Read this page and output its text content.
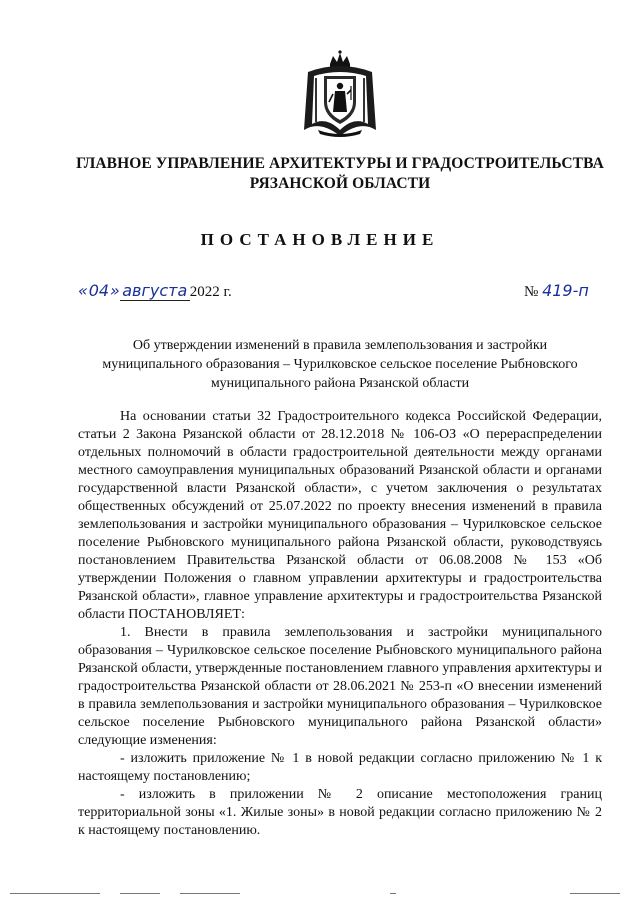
ГЛАВНОЕ УПРАВЛЕНИЕ АРХИТЕКТУРЫ И ГРАДОСТРОИТЕЛЬСТВА
РЯЗАНСКОЙ ОБЛАСТИ
ПОСТАНОВЛЕНИЕ
«04» августа 2022 г.	№ 419-п
Об утверждении изменений в правила землепользования и застройки
муниципального образования – Чурилковское сельское поселение Рыбновского
муниципального района Рязанской области

На основании статьи 32 Градостроительного кодекса Российской Федерации, статьи 2 Закона Рязанской области от 28.12.2018 № 106-ОЗ «О перераспределении отдельных полномочий в области градостроительной деятельности между органами местного самоуправления муниципальных образований Рязанской области и органами государственной власти Рязанской области», с учетом заключения о результатах общественных обсуждений от 25.07.2022 по проекту внесения изменений в правила землепользования и застройки муниципального образования – Чурилковское сельское поселение Рыбновского муниципального района Рязанской области, руководствуясь постановлением Правительства Рязанской области от 06.08.2008 № 153 «Об утверждении Положения о главном управлении архитектуры и градостроительства Рязанской области», главное управление архитектуры и градостроительства Рязанской области ПОСТАНОВЛЯЕТ:

1. Внести в правила землепользования и застройки муниципального образования – Чурилковское сельское поселение Рыбновского муниципального района Рязанской области, утвержденные постановлением главного управления архитектуры и градостроительства Рязанской области от 28.06.2021 № 253-п «О внесении изменений в правила землепользования и застройки муниципального образования – Чурилковское сельское поселение Рыбновского муниципального района Рязанской области» следующие изменения:

- изложить приложение № 1 в новой редакции согласно приложению № 1 к настоящему постановлению;

- изложить в приложении № 2 описание местоположения границ территориальной зоны «1. Жилые зоны» в новой редакции согласно приложению № 2 к настоящему постановлению.
